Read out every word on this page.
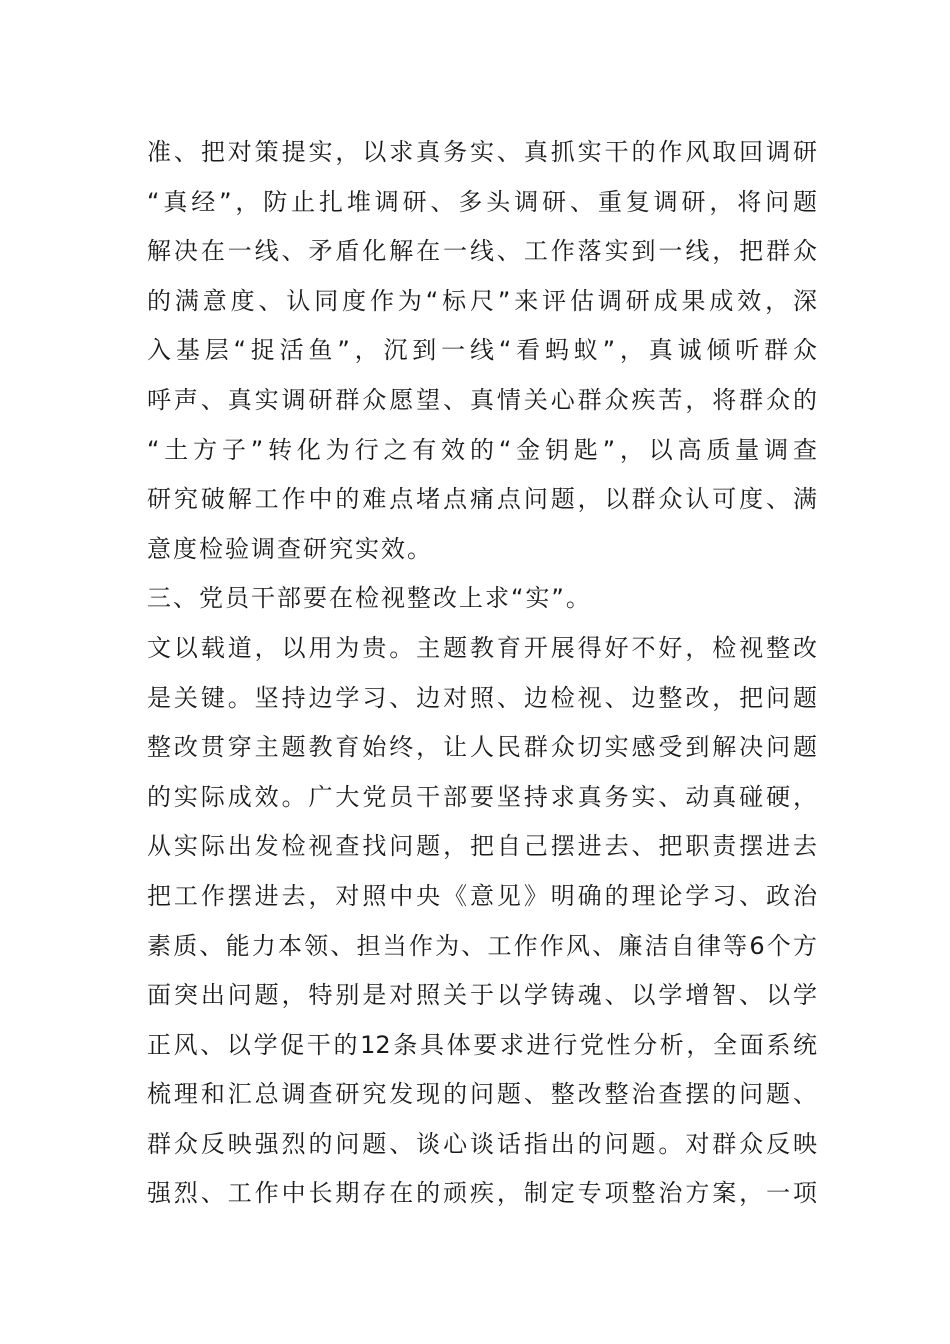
准、把对策提实，以求真务实、真抓实干的作风取回调研
“真经”，防止扎堆调研、多头调研、重复调研，将问题
解决在一线、矛盾化解在一线、工作落实到一线，把群众
的满意度、认同度作为“标尺”来评估调研成果成效，深
入基层“捉活鱼”，沉到一线“看蚂蚁”，真诚倾听群众
呼声、真实调研群众愿望、真情关心群众疾苦，将群众的
“土方子”转化为行之有效的“金钥匙”，以高质量调查
研究破解工作中的难点堵点痛点问题，以群众认可度、满
意度检验调查研究实效。
三、党员干部要在检视整改上求“实”。
文以载道，以用为贵。主题教育开展得好不好，检视整改
是关键。坚持边学习、边对照、边检视、边整改，把问题
整改贯穿主题教育始终，让人民群众切实感受到解决问题
的实际成效。广大党员干部要坚持求真务实、动真碰硬，
从实际出发检视查找问题，把自己摆进去、把职责摆进去
把工作摆进去，对照中央《意见》明确的理论学习、政治
素质、能力本领、担当作为、工作作风、廉洁自律等6个方
面突出问题，特别是对照关于以学铸魂、以学增智、以学
正风、以学促干的12条具体要求进行党性分析，全面系统
梳理和汇总调查研究发现的问题、整改整治查摆的问题、
群众反映强烈的问题、谈心谈话指出的问题。对群众反映
强烈、工作中长期存在的顽疾，制定专项整治方案，一项
